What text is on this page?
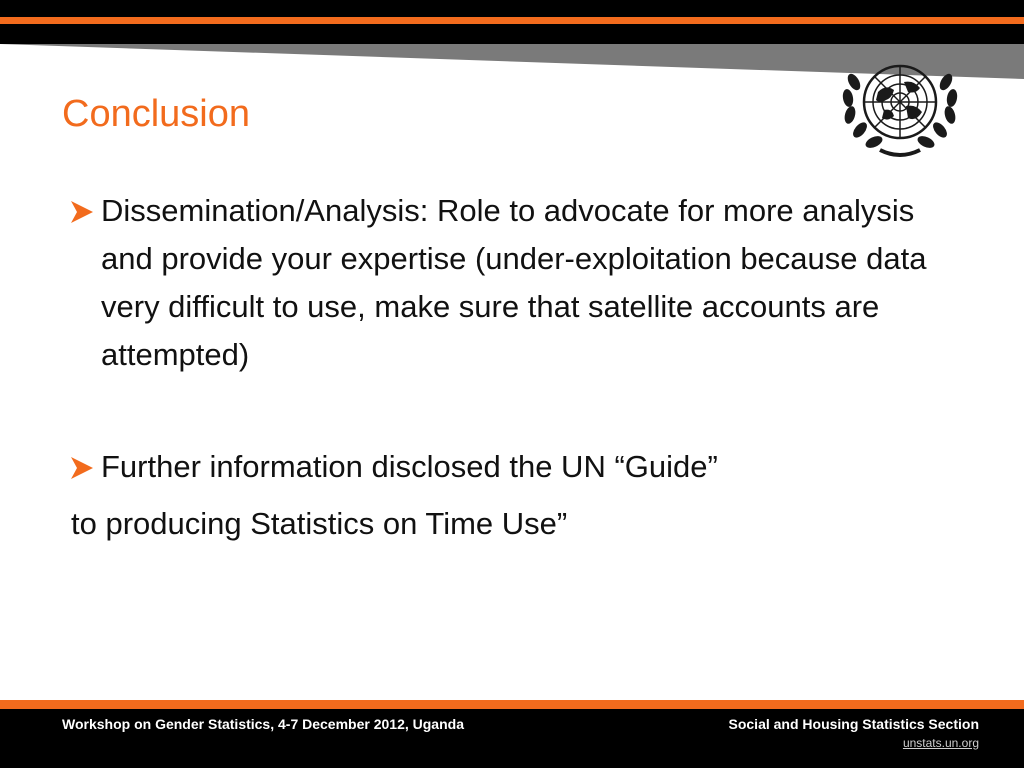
Conclusion
Dissemination/Analysis: Role to advocate for more analysis and provide your expertise (under-exploitation because data very difficult to use, make sure that satellite accounts are attempted)
Further information disclosed the UN “Guide”
to producing Statistics on Time Use”
Workshop on Gender Statistics, 4-7 December 2012, Uganda	Social and Housing Statistics Section
unstats.un.org
